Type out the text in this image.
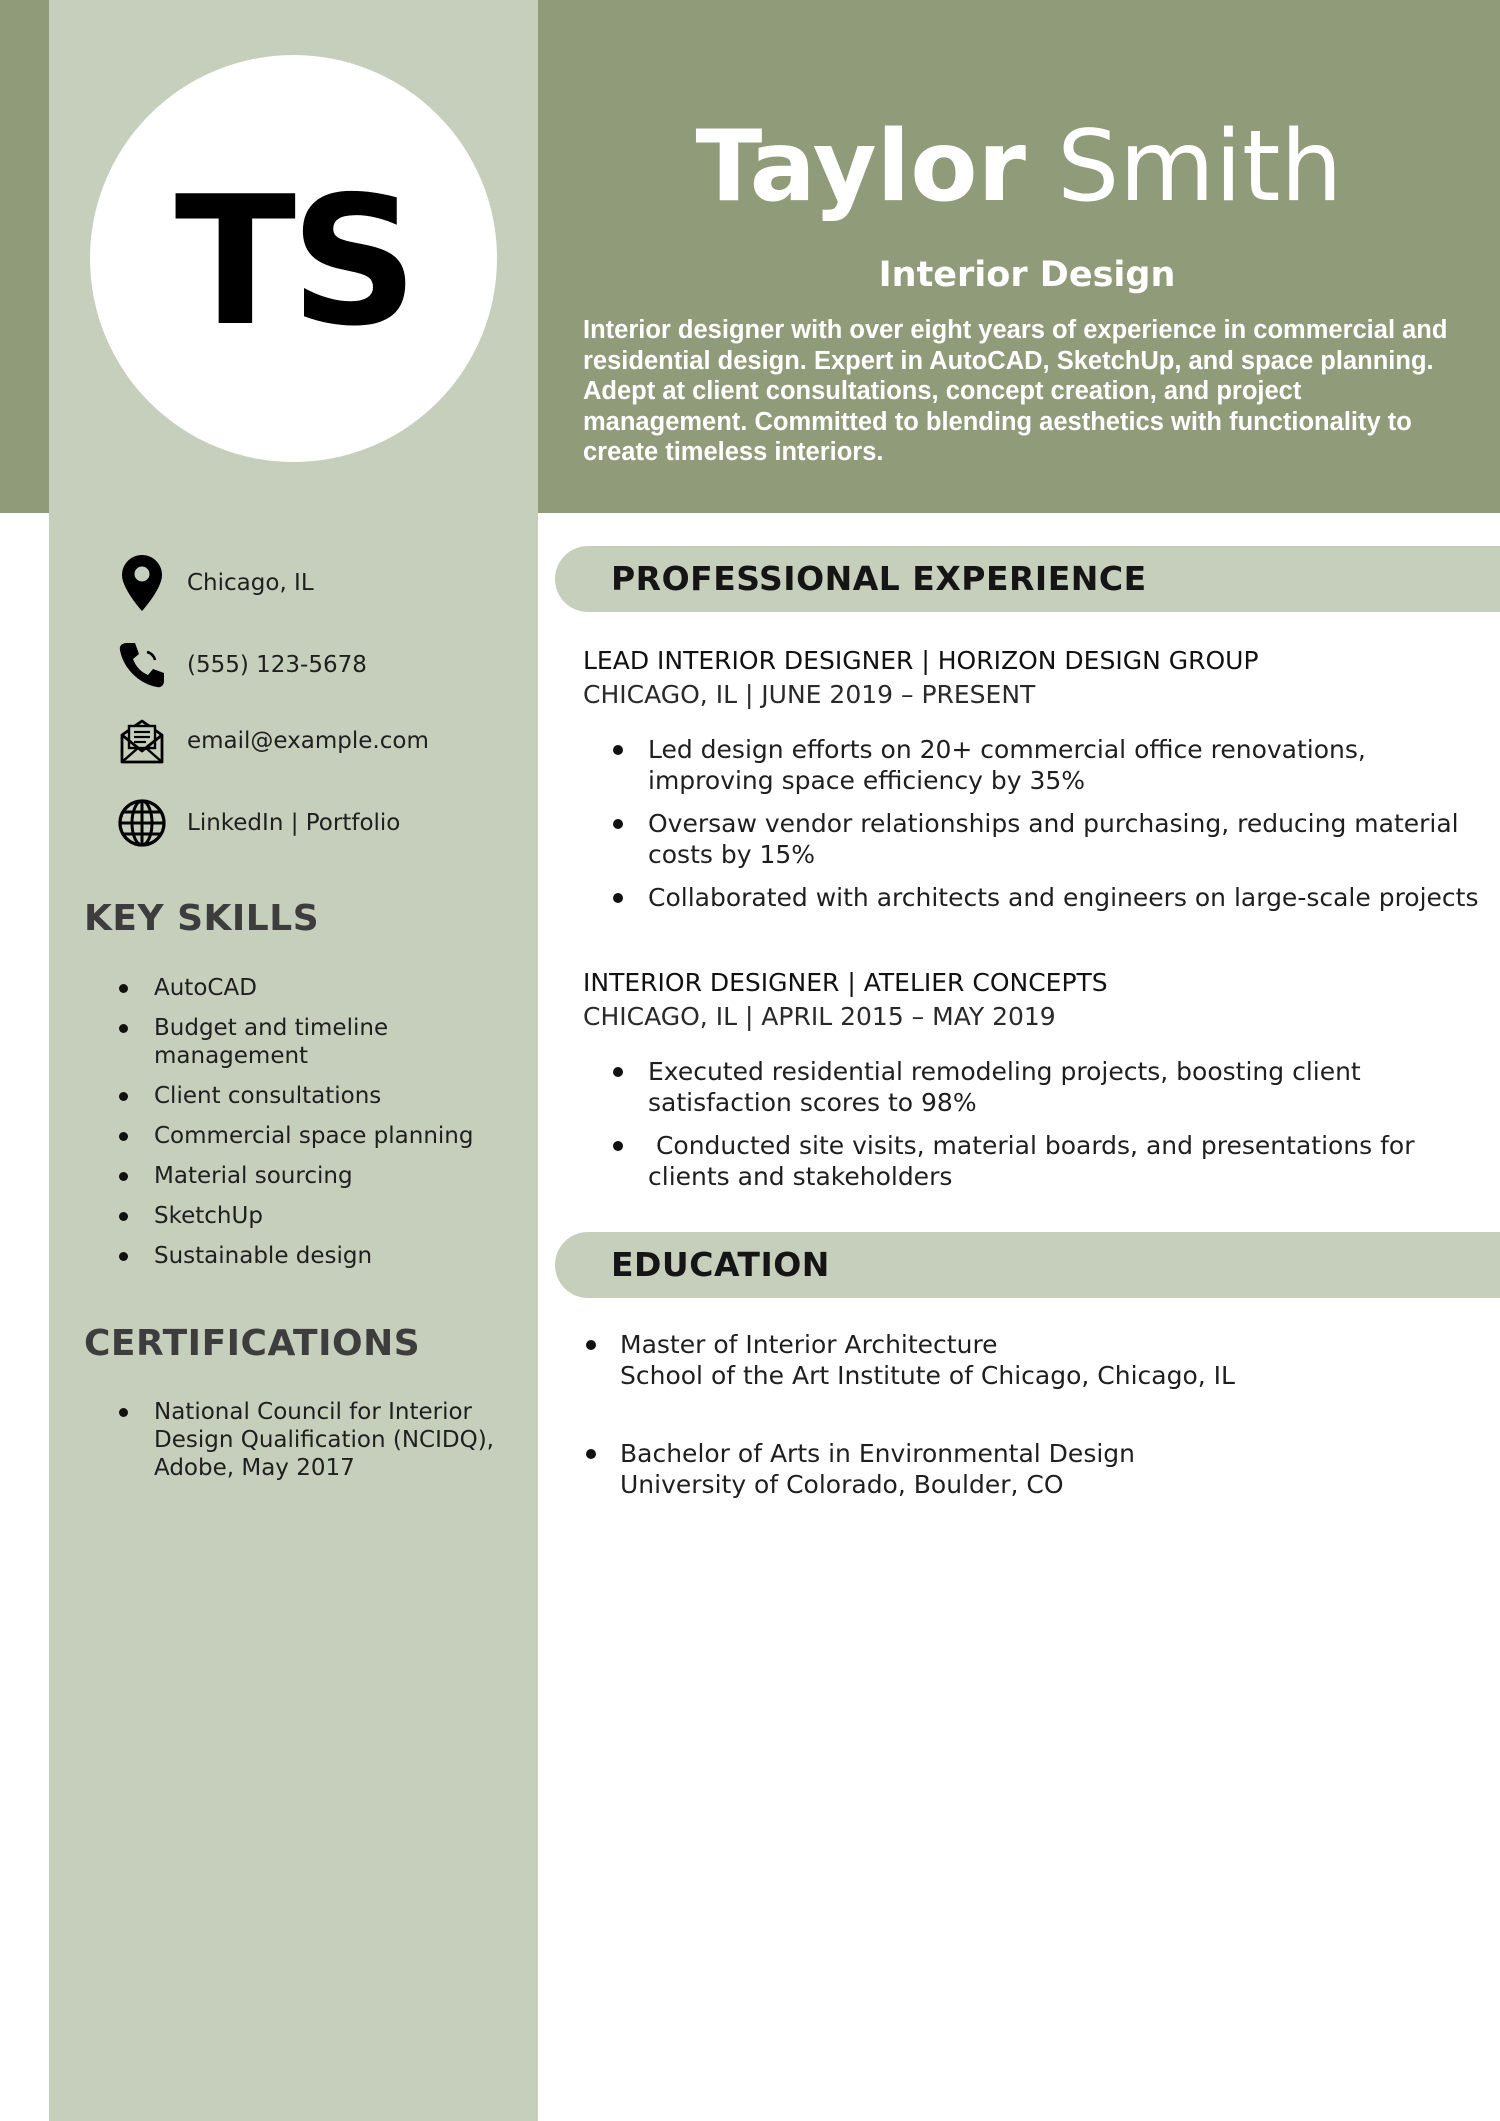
TS	Taylor Smith
Interior Design
Interior designer with over eight years of experience in commercial and residential design. Expert in AutoCAD, SketchUp, and space planning. Adept at client consultations, concept creation, and project management. Committed to blending aesthetics with functionality to create timeless interiors.
Chicago, IL
(555) 123-5678
email@example.com
LinkedIn | Portfolio
KEY SKILLS
AutoCAD
Budget and timeline management
Client consultations
Commercial space planning
Material sourcing
SketchUp
Sustainable design
CERTIFICATIONS
National Council for Interior Design Qualification (NCIDQ), Adobe, May 2017
PROFESSIONAL EXPERIENCE
LEAD INTERIOR DESIGNER | HORIZON DESIGN GROUP
CHICAGO, IL | JUNE 2019 – PRESENT
Led design efforts on 20+ commercial office renovations, improving space efficiency by 35%
Oversaw vendor relationships and purchasing, reducing material costs by 15%
Collaborated with architects and engineers on large-scale projects
INTERIOR DESIGNER | ATELIER CONCEPTS
CHICAGO, IL | APRIL 2015 – MAY 2019
Executed residential remodeling projects, boosting client satisfaction scores to 98%
Conducted site visits, material boards, and presentations for clients and stakeholders
EDUCATION
Master of Interior Architecture
School of the Art Institute of Chicago, Chicago, IL
Bachelor of Arts in Environmental Design
University of Colorado, Boulder, CO
